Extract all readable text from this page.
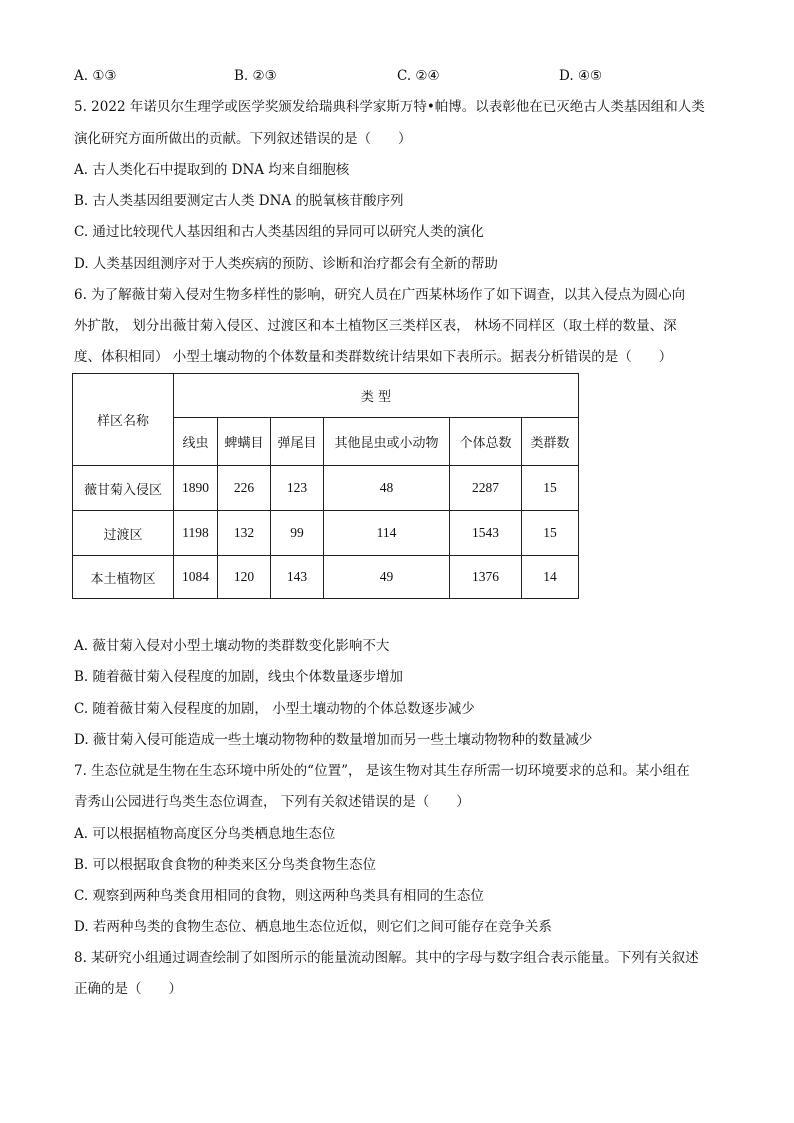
A. ①③	B. ②③	C. ②④	D. ④⑤
5. 2022 年诺贝尔生理学或医学奖颁发给瑞典科学家斯万特•帕博。以表彰他在已灭绝古人类基因组和人类
演化研究方面所做出的贡献。下列叙述错误的是（　　）
A. 古人类化石中提取到的 DNA 均来自细胞核
B. 古人类基因组要测定古人类 DNA 的脱氧核苷酸序列
C. 通过比较现代人基因组和古人类基因组的异同可以研究人类的演化
D. 人类基因组测序对于人类疾病的预防、诊断和治疗都会有全新的帮助
6. 为了解薇甘菊入侵对生物多样性的影响，研究人员在广西某林场作了如下调查，以其入侵点为圆心向
外扩散， 划分出薇甘菊入侵区、过渡区和本土植物区三类样区表， 林场不同样区（取土样的数量、深
度、体积相同） 小型土壤动物的个体数量和类群数统计结果如下表所示。据表分析错误的是（　　）
样区名称	类 型					
	线虫	蜱螨目	弹尾目	其他昆虫或小动物	个体总数	类群数
薇甘菊入侵区	1890	226	123	48	2287	15
过渡区	1198	132	99	114	1543	15
本土植物区	1084	120	143	49	1376	14
A. 薇甘菊入侵对小型土壤动物的类群数变化影响不大
B. 随着薇甘菊入侵程度的加剧，线虫个体数量逐步增加
C. 随着薇甘菊入侵程度的加剧， 小型土壤动物的个体总数逐步减少
D. 薇甘菊入侵可能造成一些土壤动物物种的数量增加而另一些土壤动物物种的数量减少
7. 生态位就是生物在生态环境中所处的“位置”， 是该生物对其生存所需一切环境要求的总和。某小组在
青秀山公园进行鸟类生态位调查， 下列有关叙述错误的是（　　）
A. 可以根据植物高度区分鸟类栖息地生态位
B. 可以根据取食食物的种类来区分鸟类食物生态位
C. 观察到两种鸟类食用相同的食物，则这两种鸟类具有相同的生态位
D. 若两种鸟类的食物生态位、栖息地生态位近似，则它们之间可能存在竞争关系
8. 某研究小组通过调查绘制了如图所示的能量流动图解。其中的字母与数字组合表示能量。下列有关叙述
正确的是（　　）
